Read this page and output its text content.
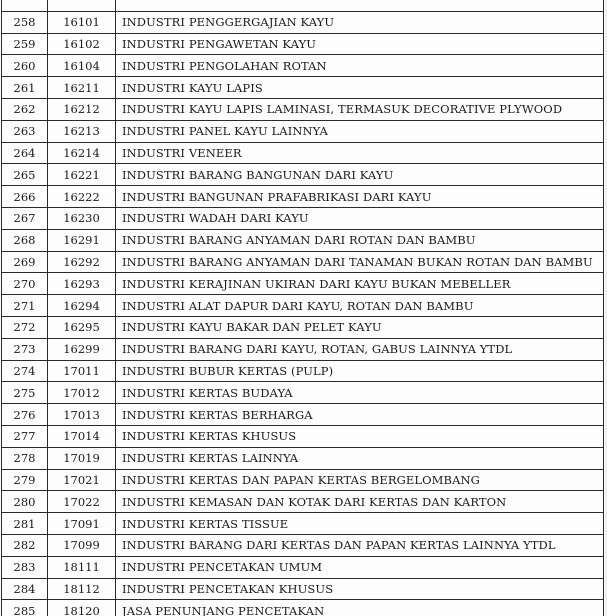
258	16101	INDUSTRI PENGGERGAJIAN KAYU
259	16102	INDUSTRI PENGAWETAN KAYU
260	16104	INDUSTRI PENGOLAHAN ROTAN
261	16211	INDUSTRI KAYU LAPIS
262	16212	INDUSTRI KAYU LAPIS LAMINASI, TERMASUK DECORATIVE PLYWOOD
263	16213	INDUSTRI PANEL KAYU LAINNYA
264	16214	INDUSTRI VENEER
265	16221	INDUSTRI BARANG BANGUNAN DARI KAYU
266	16222	INDUSTRI BANGUNAN PRAFABRIKASI DARI KAYU
267	16230	INDUSTRI WADAH DARI KAYU
268	16291	INDUSTRI BARANG ANYAMAN DARI ROTAN DAN BAMBU
269	16292	INDUSTRI BARANG ANYAMAN DARI TANAMAN BUKAN ROTAN DAN BAMBU
270	16293	INDUSTRI KERAJINAN UKIRAN DARI KAYU BUKAN MEBELLER
271	16294	INDUSTRI ALAT DAPUR DARI KAYU, ROTAN DAN BAMBU
272	16295	INDUSTRI KAYU BAKAR DAN PELET KAYU
273	16299	INDUSTRI BARANG DARI KAYU, ROTAN, GABUS LAINNYA YTDL
274	17011	INDUSTRI BUBUR KERTAS (PULP)
275	17012	INDUSTRI KERTAS BUDAYA
276	17013	INDUSTRI KERTAS BERHARGA
277	17014	INDUSTRI KERTAS KHUSUS
278	17019	INDUSTRI KERTAS LAINNYA
279	17021	INDUSTRI KERTAS DAN PAPAN KERTAS BERGELOMBANG
280	17022	INDUSTRI KEMASAN DAN KOTAK DARI KERTAS DAN KARTON
281	17091	INDUSTRI KERTAS TISSUE
282	17099	INDUSTRI BARANG DARI KERTAS DAN PAPAN KERTAS LAINNYA YTDL
283	18111	INDUSTRI PENCETAKAN UMUM
284	18112	INDUSTRI PENCETAKAN KHUSUS
285	18120	JASA PENUNJANG PENCETAKAN
